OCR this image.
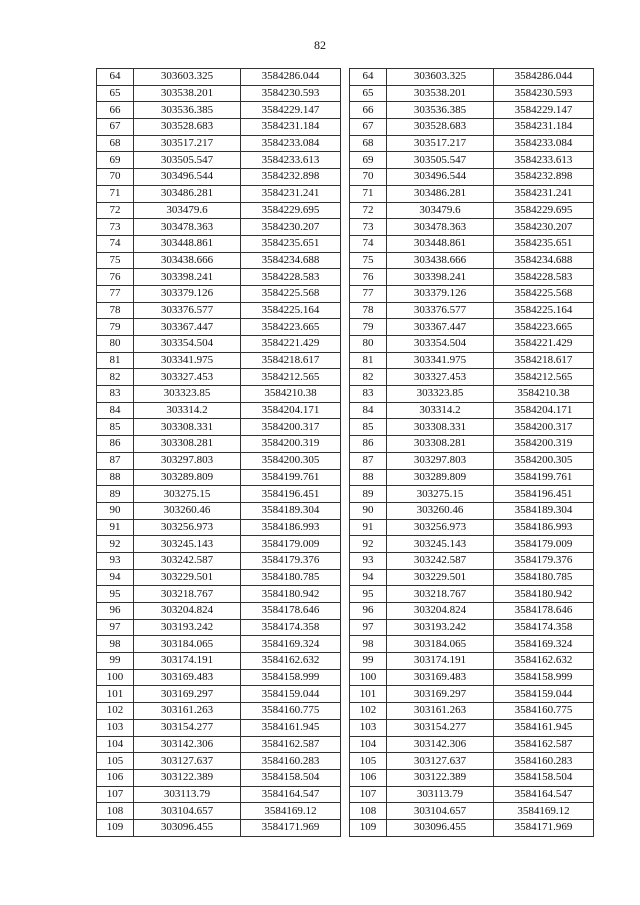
82
64	303603.325	3584286.044
65	303538.201	3584230.593
66	303536.385	3584229.147
67	303528.683	3584231.184
68	303517.217	3584233.084
69	303505.547	3584233.613
70	303496.544	3584232.898
71	303486.281	3584231.241
72	303479.6	3584229.695
73	303478.363	3584230.207
74	303448.861	3584235.651
75	303438.666	3584234.688
76	303398.241	3584228.583
77	303379.126	3584225.568
78	303376.577	3584225.164
79	303367.447	3584223.665
80	303354.504	3584221.429
81	303341.975	3584218.617
82	303327.453	3584212.565
83	303323.85	3584210.38
84	303314.2	3584204.171
85	303308.331	3584200.317
86	303308.281	3584200.319
87	303297.803	3584200.305
88	303289.809	3584199.761
89	303275.15	3584196.451
90	303260.46	3584189.304
91	303256.973	3584186.993
92	303245.143	3584179.009
93	303242.587	3584179.376
94	303229.501	3584180.785
95	303218.767	3584180.942
96	303204.824	3584178.646
97	303193.242	3584174.358
98	303184.065	3584169.324
99	303174.191	3584162.632
100	303169.483	3584158.999
101	303169.297	3584159.044
102	303161.263	3584160.775
103	303154.277	3584161.945
104	303142.306	3584162.587
105	303127.637	3584160.283
106	303122.389	3584158.504
107	303113.79	3584164.547
108	303104.657	3584169.12
109	303096.455	3584171.969
64	303603.325	3584286.044
65	303538.201	3584230.593
66	303536.385	3584229.147
67	303528.683	3584231.184
68	303517.217	3584233.084
69	303505.547	3584233.613
70	303496.544	3584232.898
71	303486.281	3584231.241
72	303479.6	3584229.695
73	303478.363	3584230.207
74	303448.861	3584235.651
75	303438.666	3584234.688
76	303398.241	3584228.583
77	303379.126	3584225.568
78	303376.577	3584225.164
79	303367.447	3584223.665
80	303354.504	3584221.429
81	303341.975	3584218.617
82	303327.453	3584212.565
83	303323.85	3584210.38
84	303314.2	3584204.171
85	303308.331	3584200.317
86	303308.281	3584200.319
87	303297.803	3584200.305
88	303289.809	3584199.761
89	303275.15	3584196.451
90	303260.46	3584189.304
91	303256.973	3584186.993
92	303245.143	3584179.009
93	303242.587	3584179.376
94	303229.501	3584180.785
95	303218.767	3584180.942
96	303204.824	3584178.646
97	303193.242	3584174.358
98	303184.065	3584169.324
99	303174.191	3584162.632
100	303169.483	3584158.999
101	303169.297	3584159.044
102	303161.263	3584160.775
103	303154.277	3584161.945
104	303142.306	3584162.587
105	303127.637	3584160.283
106	303122.389	3584158.504
107	303113.79	3584164.547
108	303104.657	3584169.12
109	303096.455	3584171.969
